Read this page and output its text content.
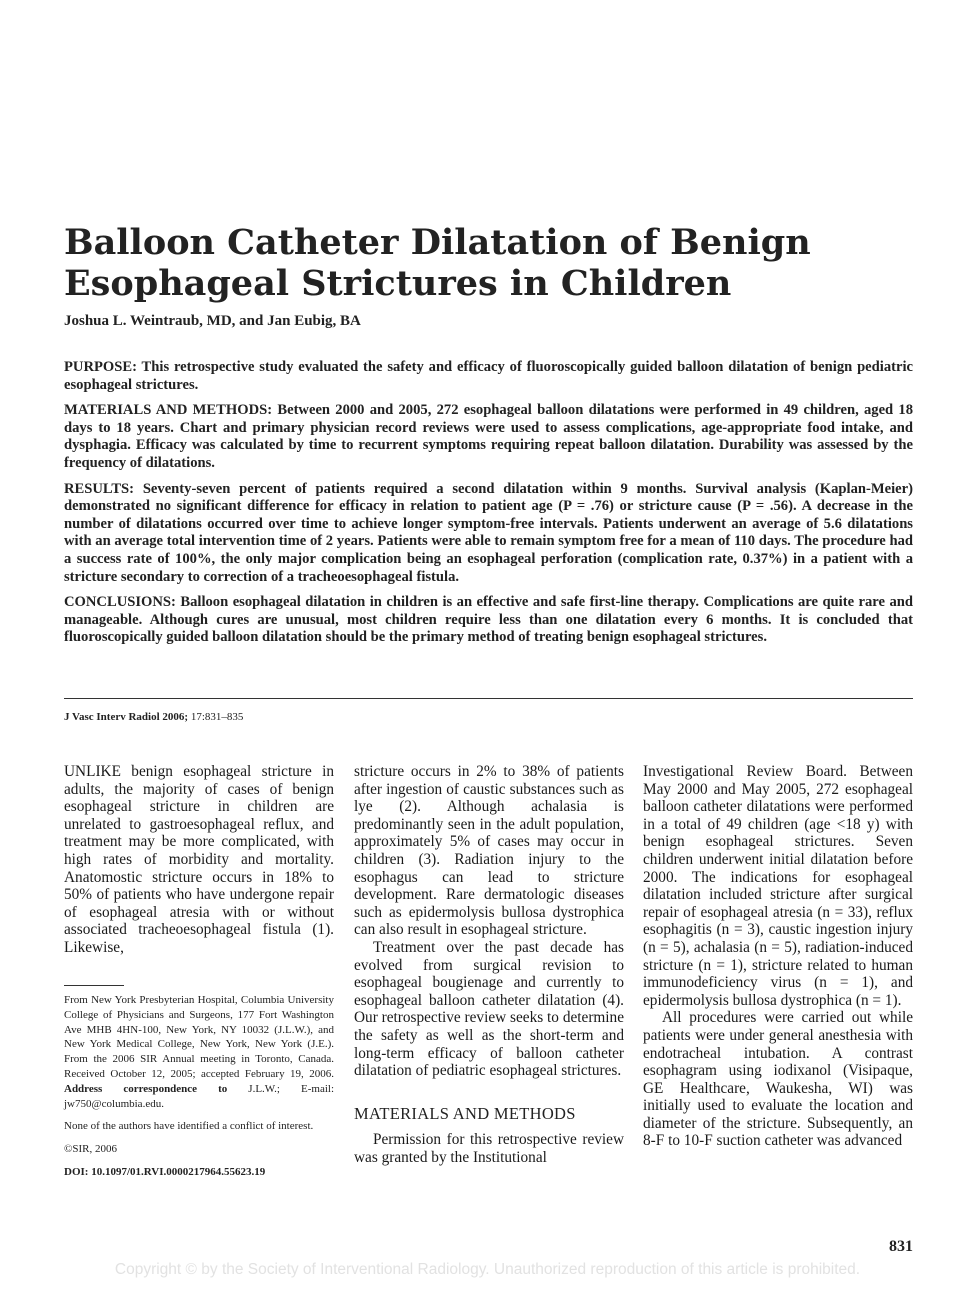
Balloon Catheter Dilatation of Benign Esophageal Strictures in Children
Joshua L. Weintraub, MD, and Jan Eubig, BA

PURPOSE: This retrospective study evaluated the safety and efficacy of fluoroscopically guided balloon dilatation of benign pediatric esophageal strictures.

MATERIALS AND METHODS: Between 2000 and 2005, 272 esophageal balloon dilatations were performed in 49 children, aged 18 days to 18 years. Chart and primary physician record reviews were used to assess complications, age-appropriate food intake, and dysphagia. Efficacy was calculated by time to recurrent symptoms requiring repeat balloon dilatation. Durability was assessed by the frequency of dilatations.

RESULTS: Seventy-seven percent of patients required a second dilatation within 9 months. Survival analysis (Kaplan-Meier) demonstrated no significant difference for efficacy in relation to patient age (P = .76) or stricture cause (P = .56). A decrease in the number of dilatations occurred over time to achieve longer symptom-free intervals. Patients underwent an average of 5.6 dilatations with an average total intervention time of 2 years. Patients were able to remain symptom free for a mean of 110 days. The procedure had a success rate of 100%, the only major complication being an esophageal perforation (complication rate, 0.37%) in a patient with a stricture secondary to correction of a tracheoesophageal fistula.

CONCLUSIONS: Balloon esophageal dilatation in children is an effective and safe first-line therapy. Complications are quite rare and manageable. Although cures are unusual, most children require less than one dilatation every 6 months. It is concluded that fluoroscopically guided balloon dilatation should be the primary method of treating benign esophageal strictures.

J Vasc Interv Radiol 2006; 17:831–835

UNLIKE benign esophageal stricture in adults, the majority of cases of benign esophageal stricture in children are unrelated to gastroesophageal reflux, and treatment may be more complicated, with high rates of morbidity and mortality. Anatomostic stricture occurs in 18% to 50% of patients who have undergone repair of esophageal atresia with or without associated tracheoesophageal fistula (1). Likewise,

From New York Presbyterian Hospital, Columbia University College of Physicians and Surgeons, 177 Fort Washington Ave MHB 4HN-100, New York, NY 10032 (J.L.W.), and New York Medical College, New York, New York (J.E.). From the 2006 SIR Annual meeting in Toronto, Canada. Received October 12, 2005; accepted February 19, 2006. Address correspondence to J.L.W.; E-mail: jw750@columbia.edu.

None of the authors have identified a conflict of interest.

©SIR, 2006

DOI: 10.1097/01.RVI.0000217964.55623.19

stricture occurs in 2% to 38% of patients after ingestion of caustic substances such as lye (2). Although achalasia is predominantly seen in the adult population, approximately 5% of cases may occur in children (3). Radiation injury to the esophagus can lead to stricture development. Rare dermatologic diseases such as epidermolysis bullosa dystrophica can also result in esophageal stricture.

Treatment over the past decade has evolved from surgical revision to esophageal bougienage and currently to esophageal balloon catheter dilatation (4). Our retrospective review seeks to determine the safety as well as the short-term and long-term efficacy of balloon catheter dilatation of pediatric esophageal strictures.

MATERIALS AND METHODS

Permission for this retrospective review was granted by the Institutional

Investigational Review Board. Between May 2000 and May 2005, 272 esophageal balloon catheter dilatations were performed in a total of 49 children (age <18 y) with benign esophageal strictures. Seven children underwent initial dilatation before 2000. The indications for esophageal dilatation included stricture after surgical repair of esophageal atresia (n = 33), reflux esophagitis (n = 3), caustic ingestion injury (n = 5), achalasia (n = 5), radiation-induced stricture (n = 1), stricture related to human immunodeficiency virus (n = 1), and epidermolysis bullosa dystrophica (n = 1).

All procedures were carried out while patients were under general anesthesia with endotracheal intubation. A contrast esophagram using iodixanol (Visipaque, GE Healthcare, Waukesha, WI) was initially used to evaluate the location and diameter of the stricture. Subsequently, an 8-F to 10-F suction catheter was advanced

831
Copyright © by the Society of Interventional Radiology. Unauthorized reproduction of this article is prohibited.
